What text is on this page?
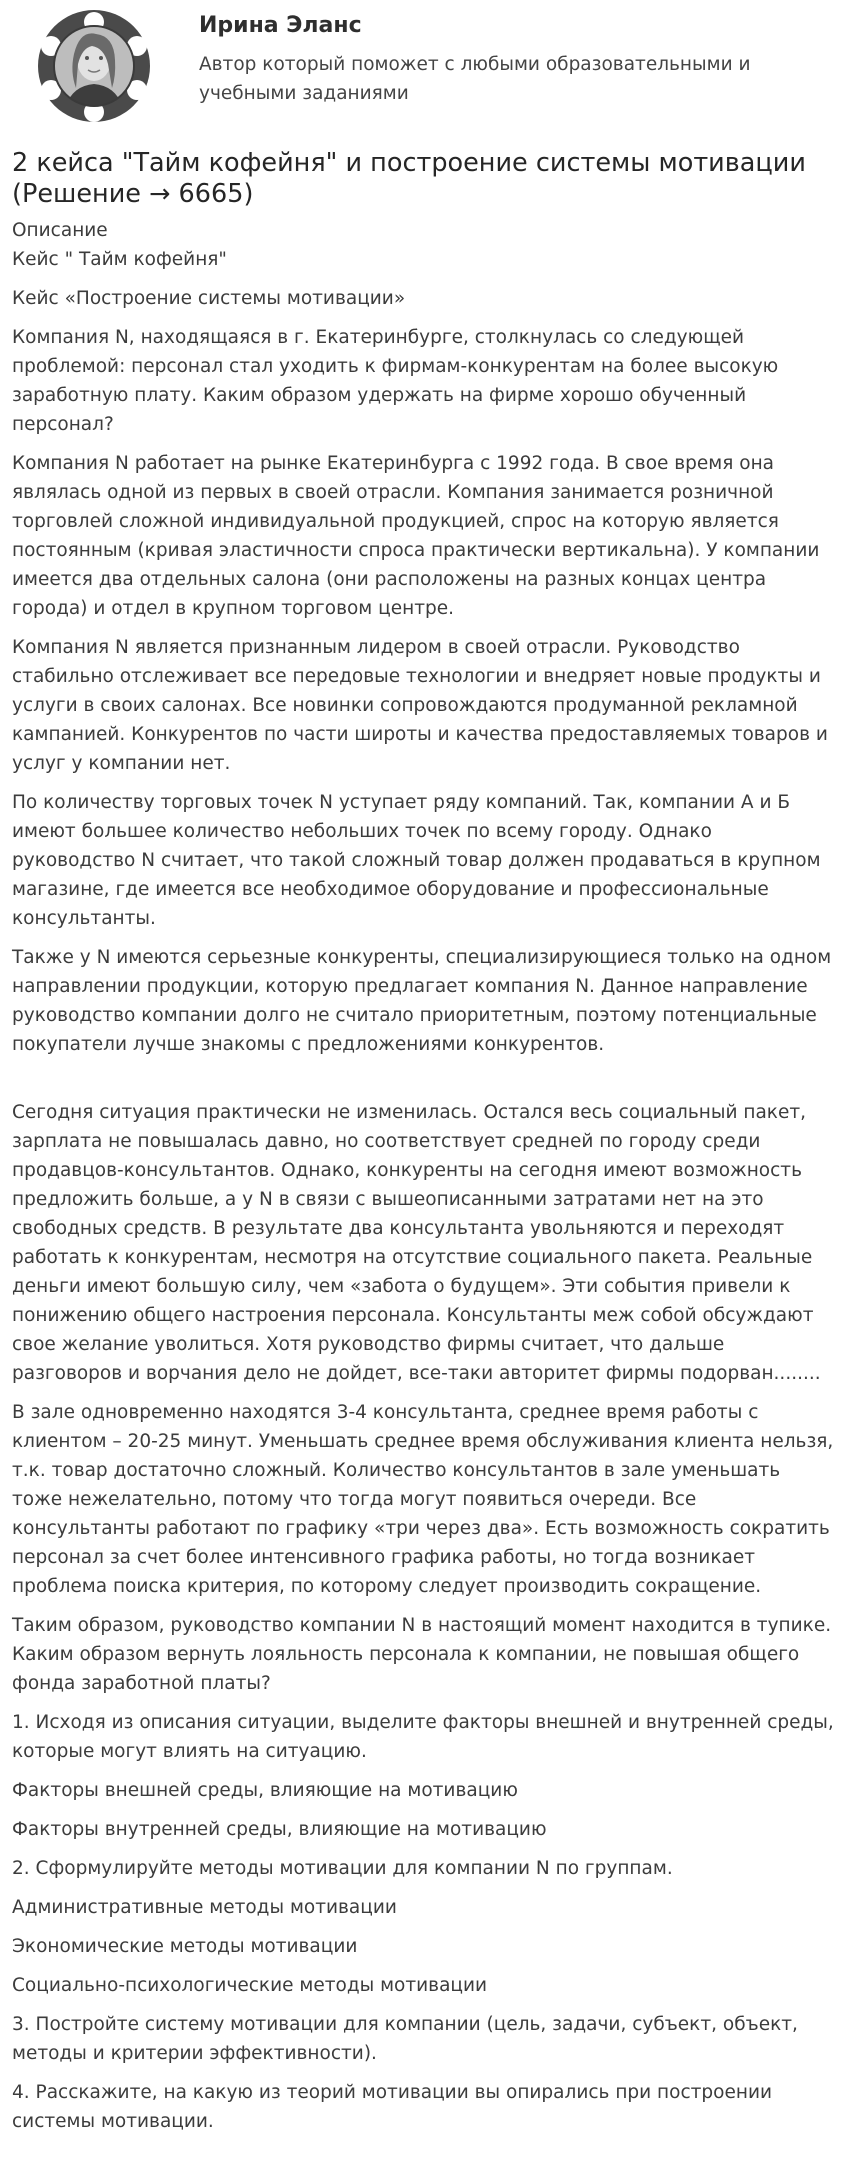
Ирина Эланс

Автор который поможет с любыми образовательными и учебными заданиями

2 кейса "Тайм кофейня" и построение системы мотивации (Решение → 6665)

Описание

Кейс " Тайм кофейня"

Кейс «Построение системы мотивации»

Компания N, находящаяся в г. Екатеринбурге, столкнулась со следующей проблемой: персонал стал уходить к фирмам-конкурентам на более высокую заработную плату. Каким образом удержать на фирме хорошо обученный персонал?

Компания N работает на рынке Екатеринбурга с 1992 года. В свое время она являлась одной из первых в своей отрасли. Компания занимается розничной торговлей сложной индивидуальной продукцией, спрос на которую является постоянным (кривая эластичности спроса практически вертикальна). У компании имеется два отдельных салона (они расположены на разных концах центра города) и отдел в крупном торговом центре.

Компания N является признанным лидером в своей отрасли. Руководство стабильно отслеживает все передовые технологии и внедряет новые продукты и услуги в своих салонах. Все новинки сопровождаются продуманной рекламной кампанией. Конкурентов по части широты и качества предоставляемых товаров и услуг у компании нет.

По количеству торговых точек N уступает ряду компаний. Так, компании А и Б имеют большее количество небольших точек по всему городу. Однако руководство N считает, что такой сложный товар должен продаваться в крупном магазине, где имеется все необходимое оборудование и профессиональные консультанты.

Также у N имеются серьезные конкуренты, специализирующиеся только на одном направлении продукции, которую предлагает компания N. Данное направление руководство компании долго не считало приоритетным, поэтому потенциальные покупатели лучше знакомы с предложениями конкурентов.

Сегодня ситуация практически не изменилась. Остался весь социальный пакет, зарплата не повышалась давно, но соответствует средней по городу среди продавцов-консультантов. Однако, конкуренты на сегодня имеют возможность предложить больше, а у N в связи с вышеописанными затратами нет на это свободных средств. В результате два консультанта увольняются и переходят работать к конкурентам, несмотря на отсутствие социального пакета. Реальные деньги имеют большую силу, чем «забота о будущем». Эти события привели к понижению общего настроения персонала. Консультанты меж собой обсуждают свое желание уволиться. Хотя руководство фирмы считает, что дальше разговоров и ворчания дело не дойдет, все-таки авторитет фирмы подорван........

В зале одновременно находятся 3-4 консультанта, среднее время работы с клиентом – 20-25 минут. Уменьшать среднее время обслуживания клиента нельзя, т.к. товар достаточно сложный. Количество консультантов в зале уменьшать тоже нежелательно, потому что тогда могут появиться очереди. Все консультанты работают по графику «три через два». Есть возможность сократить персонал за счет более интенсивного графика работы, но тогда возникает проблема поиска критерия, по которому следует производить сокращение.

Таким образом, руководство компании N в настоящий момент находится в тупике. Каким образом вернуть лояльность персонала к компании, не повышая общего фонда заработной платы?

1. Исходя из описания ситуации, выделите факторы внешней и внутренней среды, которые могут влиять на ситуацию.

Факторы внешней среды, влияющие на мотивацию

Факторы внутренней среды, влияющие на мотивацию

2. Сформулируйте методы мотивации для компании N по группам.

Административные методы мотивации

Экономические методы мотивации

Социально-психологические методы мотивации

3. Постройте систему мотивации для компании (цель, задачи, субъект, объект, методы и критерии эффективности).

4. Расскажите, на какую из теорий мотивации вы опирались при построении системы мотивации.
